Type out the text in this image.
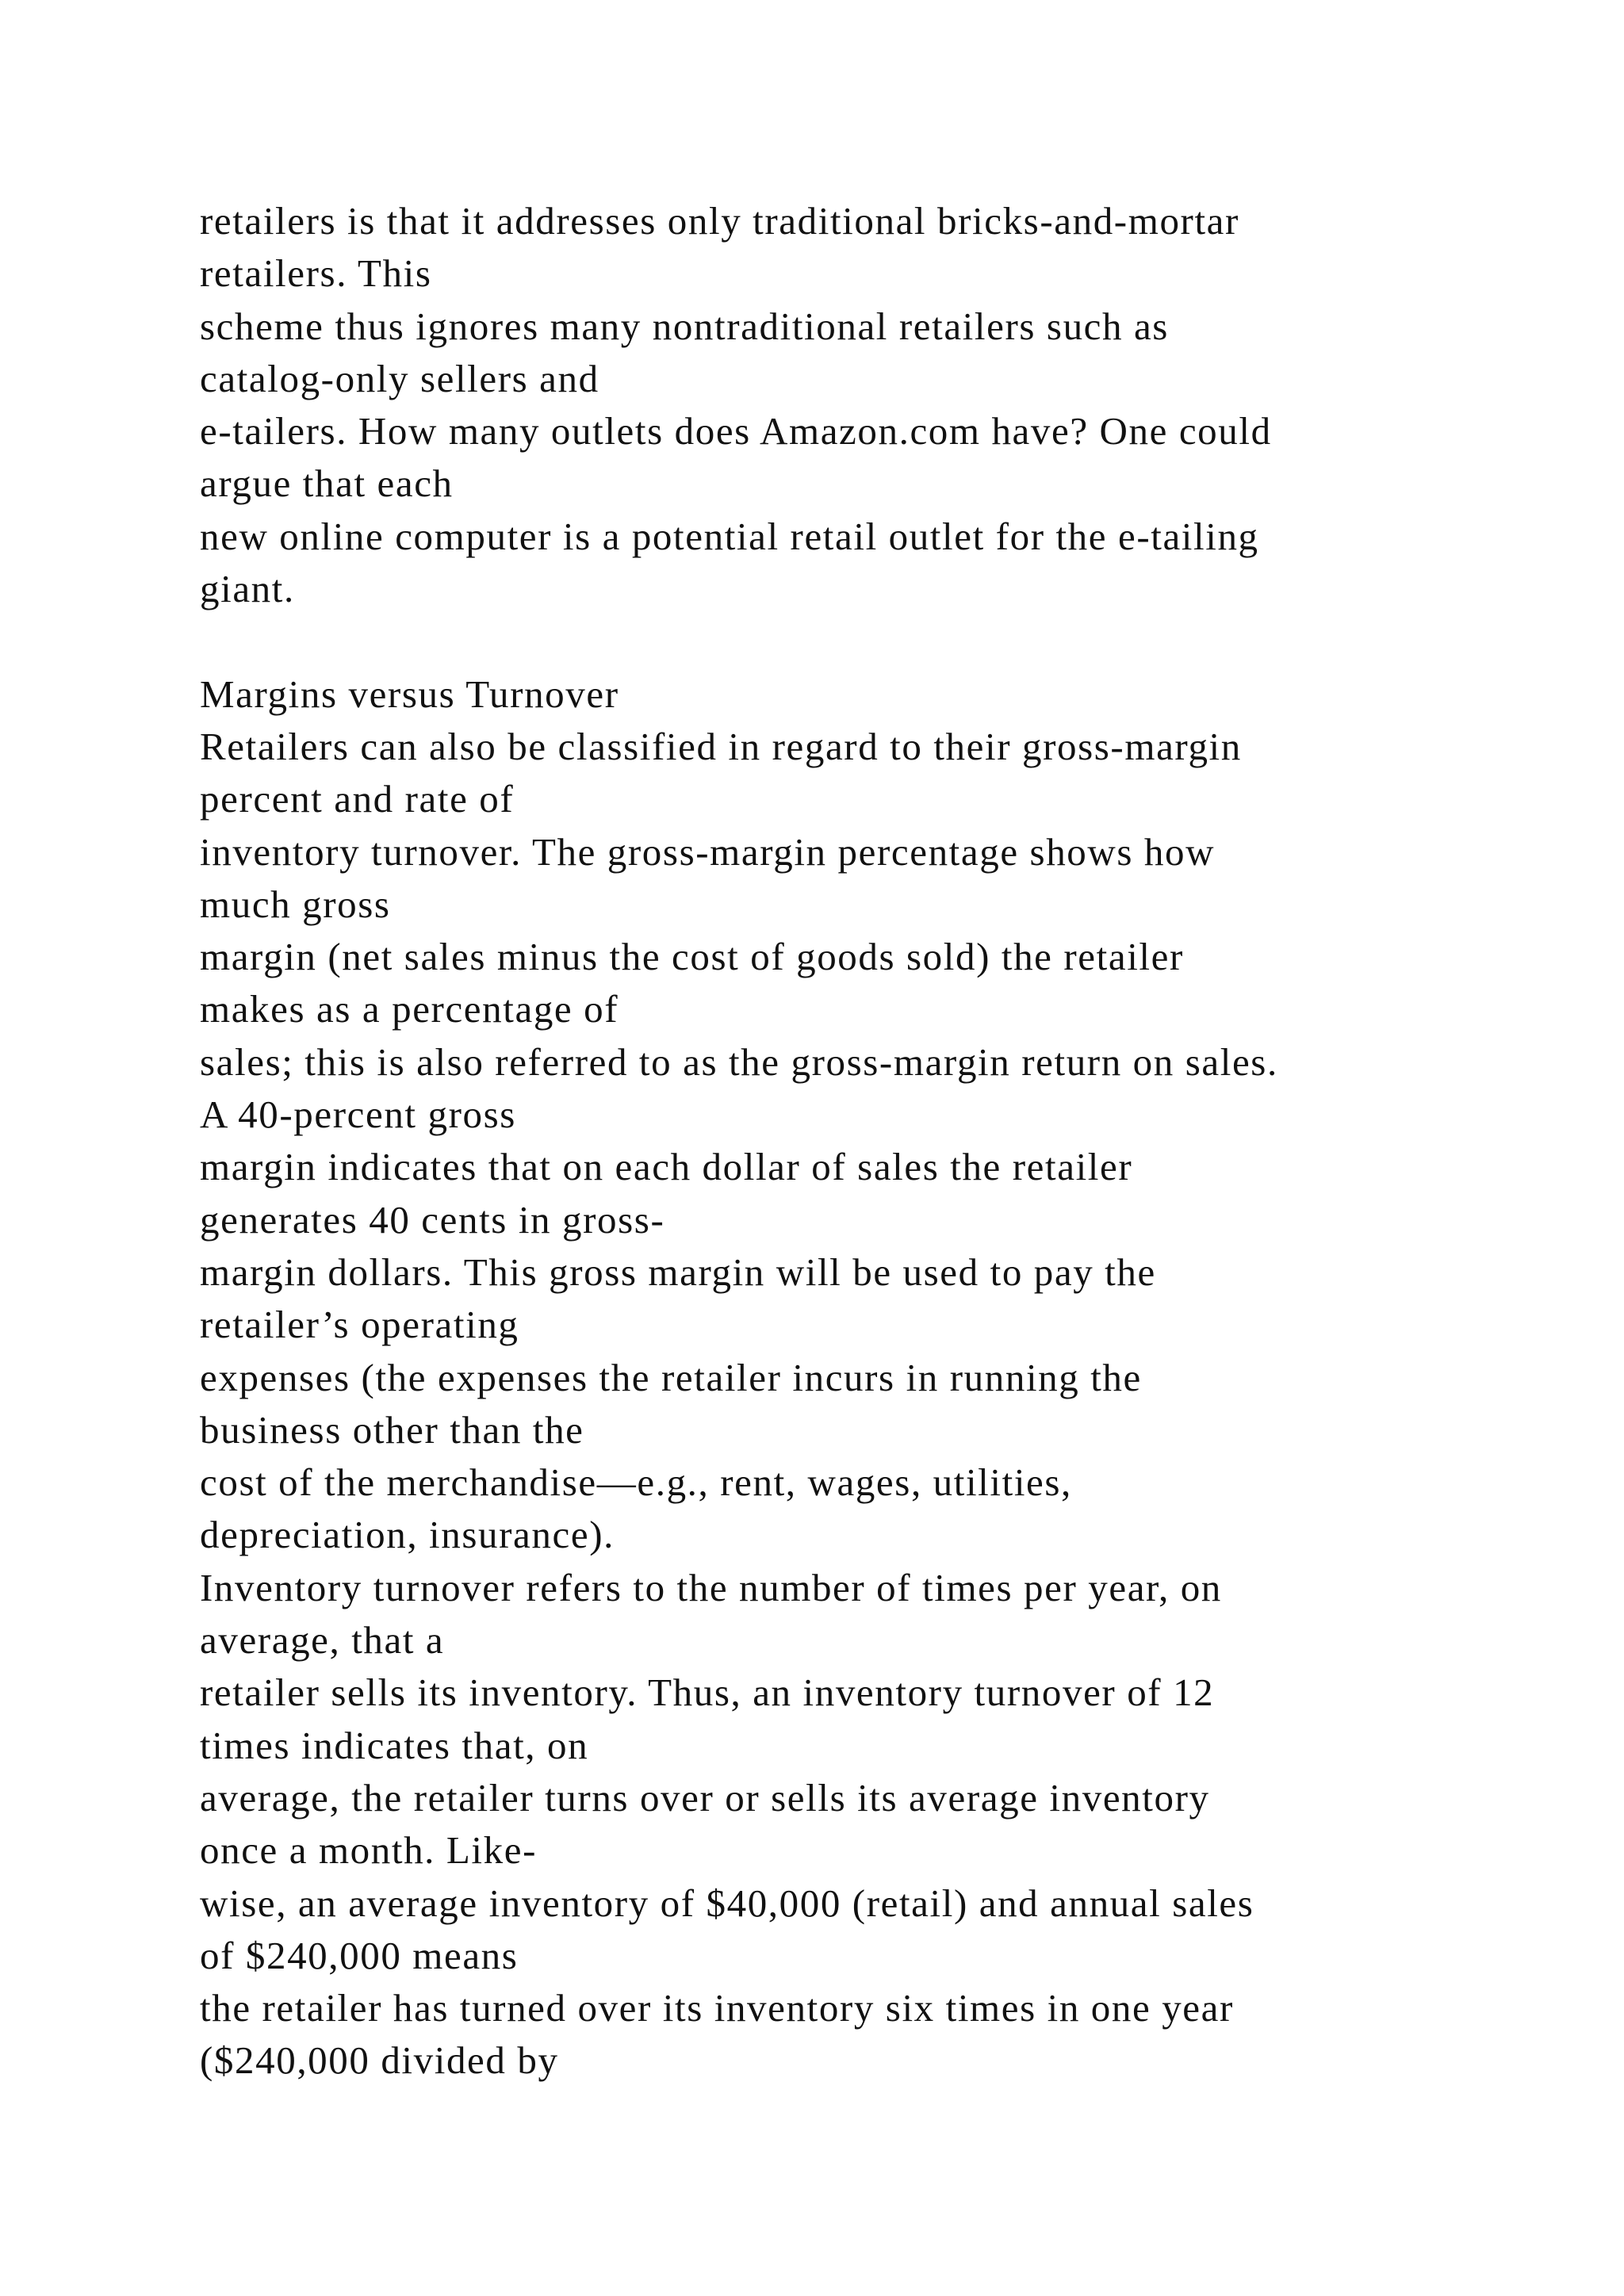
retailers is that it addresses only traditional bricks-and-mortar
retailers. This
scheme thus ignores many nontraditional retailers such as
catalog-only sellers and
e-tailers. How many outlets does Amazon.com have? One could
argue that each
new online computer is a potential retail outlet for the e-tailing
giant.
Margins versus Turnover
Retailers can also be classified in regard to their gross-margin
percent and rate of
inventory turnover. The gross-margin percentage shows how
much gross
margin (net sales minus the cost of goods sold) the retailer
makes as a percentage of
sales; this is also referred to as the gross-margin return on sales.
A 40-percent gross
margin indicates that on each dollar of sales the retailer
generates 40 cents in gross-
margin dollars. This gross margin will be used to pay the
retailer’s operating
expenses (the expenses the retailer incurs in running the
business other than the
cost of the merchandise—e.g., rent, wages, utilities,
depreciation, insurance).
Inventory turnover refers to the number of times per year, on
average, that a
retailer sells its inventory. Thus, an inventory turnover of 12
times indicates that, on
average, the retailer turns over or sells its average inventory
once a month. Like-
wise, an average inventory of $40,000 (retail) and annual sales
of $240,000 means
the retailer has turned over its inventory six times in one year
($240,000 divided by
